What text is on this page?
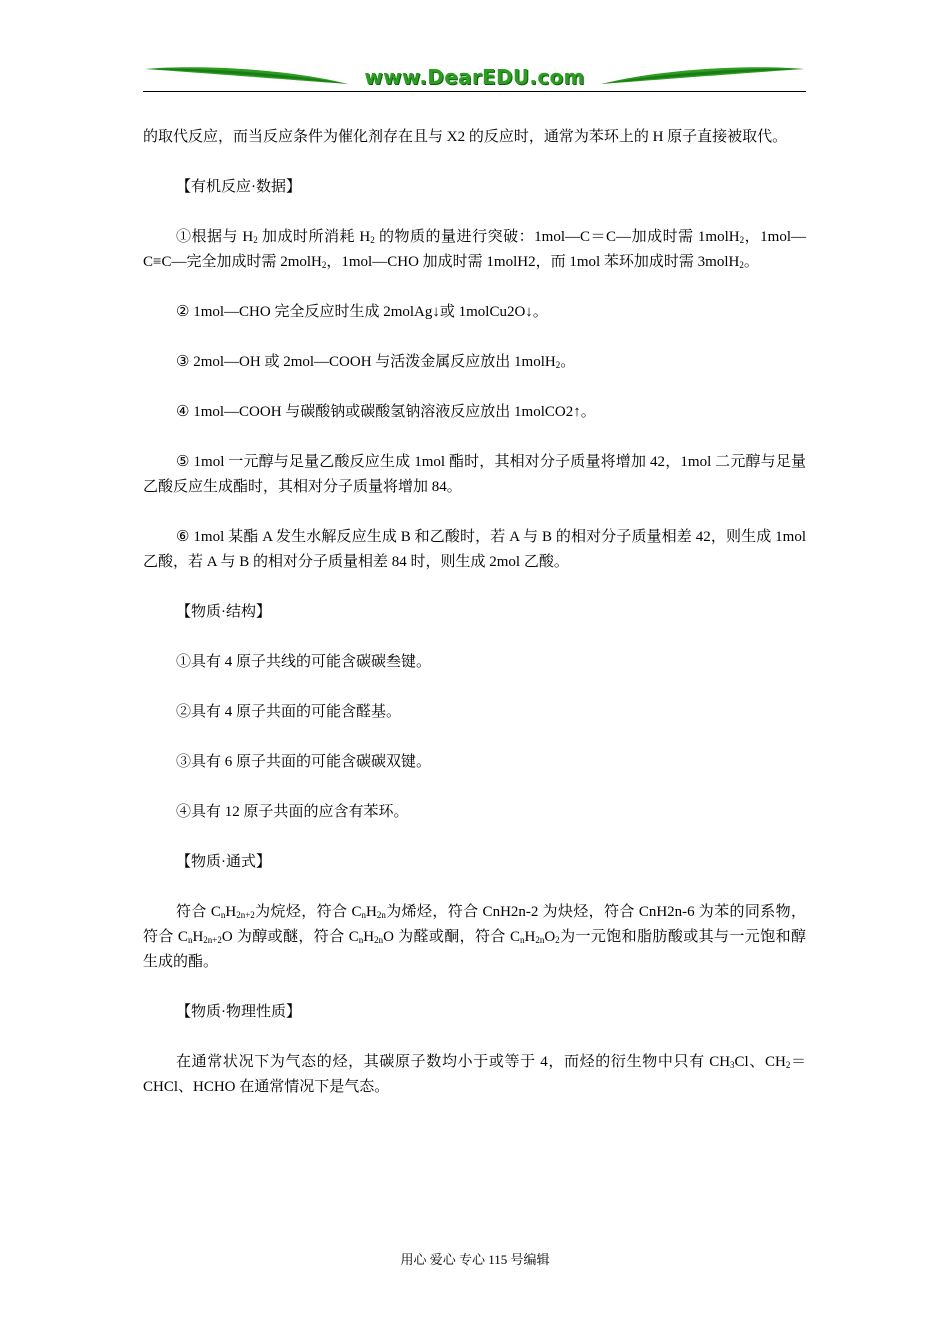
www.DearEDU.com

的取代反应，而当反应条件为催化剂存在且与 X2 的反应时，通常为苯环上的 H 原子直接被取代。

【有机反应·数据】

①根据与 $H_2$ 加成时所消耗 $H_2$ 的物质的量进行突破：1mol—C＝C—加成时需 1molH$_2$，1mol—C≡C—完全加成时需 2molH$_2$，1mol—CHO 加成时需 1molH2，而 1mol 苯环加成时需 3molH$_2$。

② 1mol—CHO 完全反应时生成 2molAg↓或 1molCu2O↓。

③ 2mol—OH 或 2mol—COOH 与活泼金属反应放出 1molH$_2$。

④ 1mol—COOH 与碳酸钠或碳酸氢钠溶液反应放出 1molCO2↑。

⑤ 1mol 一元醇与足量乙酸反应生成 1mol 酯时，其相对分子质量将增加 42，1mol 二元醇与足量乙酸反应生成酯时，其相对分子质量将增加 84。

⑥ 1mol 某酯 A 发生水解反应生成 B 和乙酸时，若 A 与 B 的相对分子质量相差 42，则生成 1mol 乙酸，若 A 与 B 的相对分子质量相差 84 时，则生成 2mol 乙酸。

【物质·结构】

①具有 4 原子共线的可能含碳碳叁键。

②具有 4 原子共面的可能含醛基。

③具有 6 原子共面的可能含碳碳双键。

④具有 12 原子共面的应含有苯环。

【物质·通式】

符合 $C_nH_{2n+2}$为烷烃，符合 $C_nH_{2n}$为烯烃，符合 CnH2n-2 为炔烃，符合 CnH2n-6 为苯的同系物，符合 $C_nH_{2n+2}O$ 为醇或醚，符合 $C_nH_{2n}O$ 为醛或酮，符合 $C_nH_{2n}O_2$为一元饱和脂肪酸或其与一元饱和醇生成的酯。

【物质·物理性质】

在通常状况下为气态的烃，其碳原子数均小于或等于 4，而烃的衍生物中只有 $CH_3Cl$、$CH_2=CHCl$、HCHO 在通常情况下是气态。

用心 爱心 专心 115 号编辑
